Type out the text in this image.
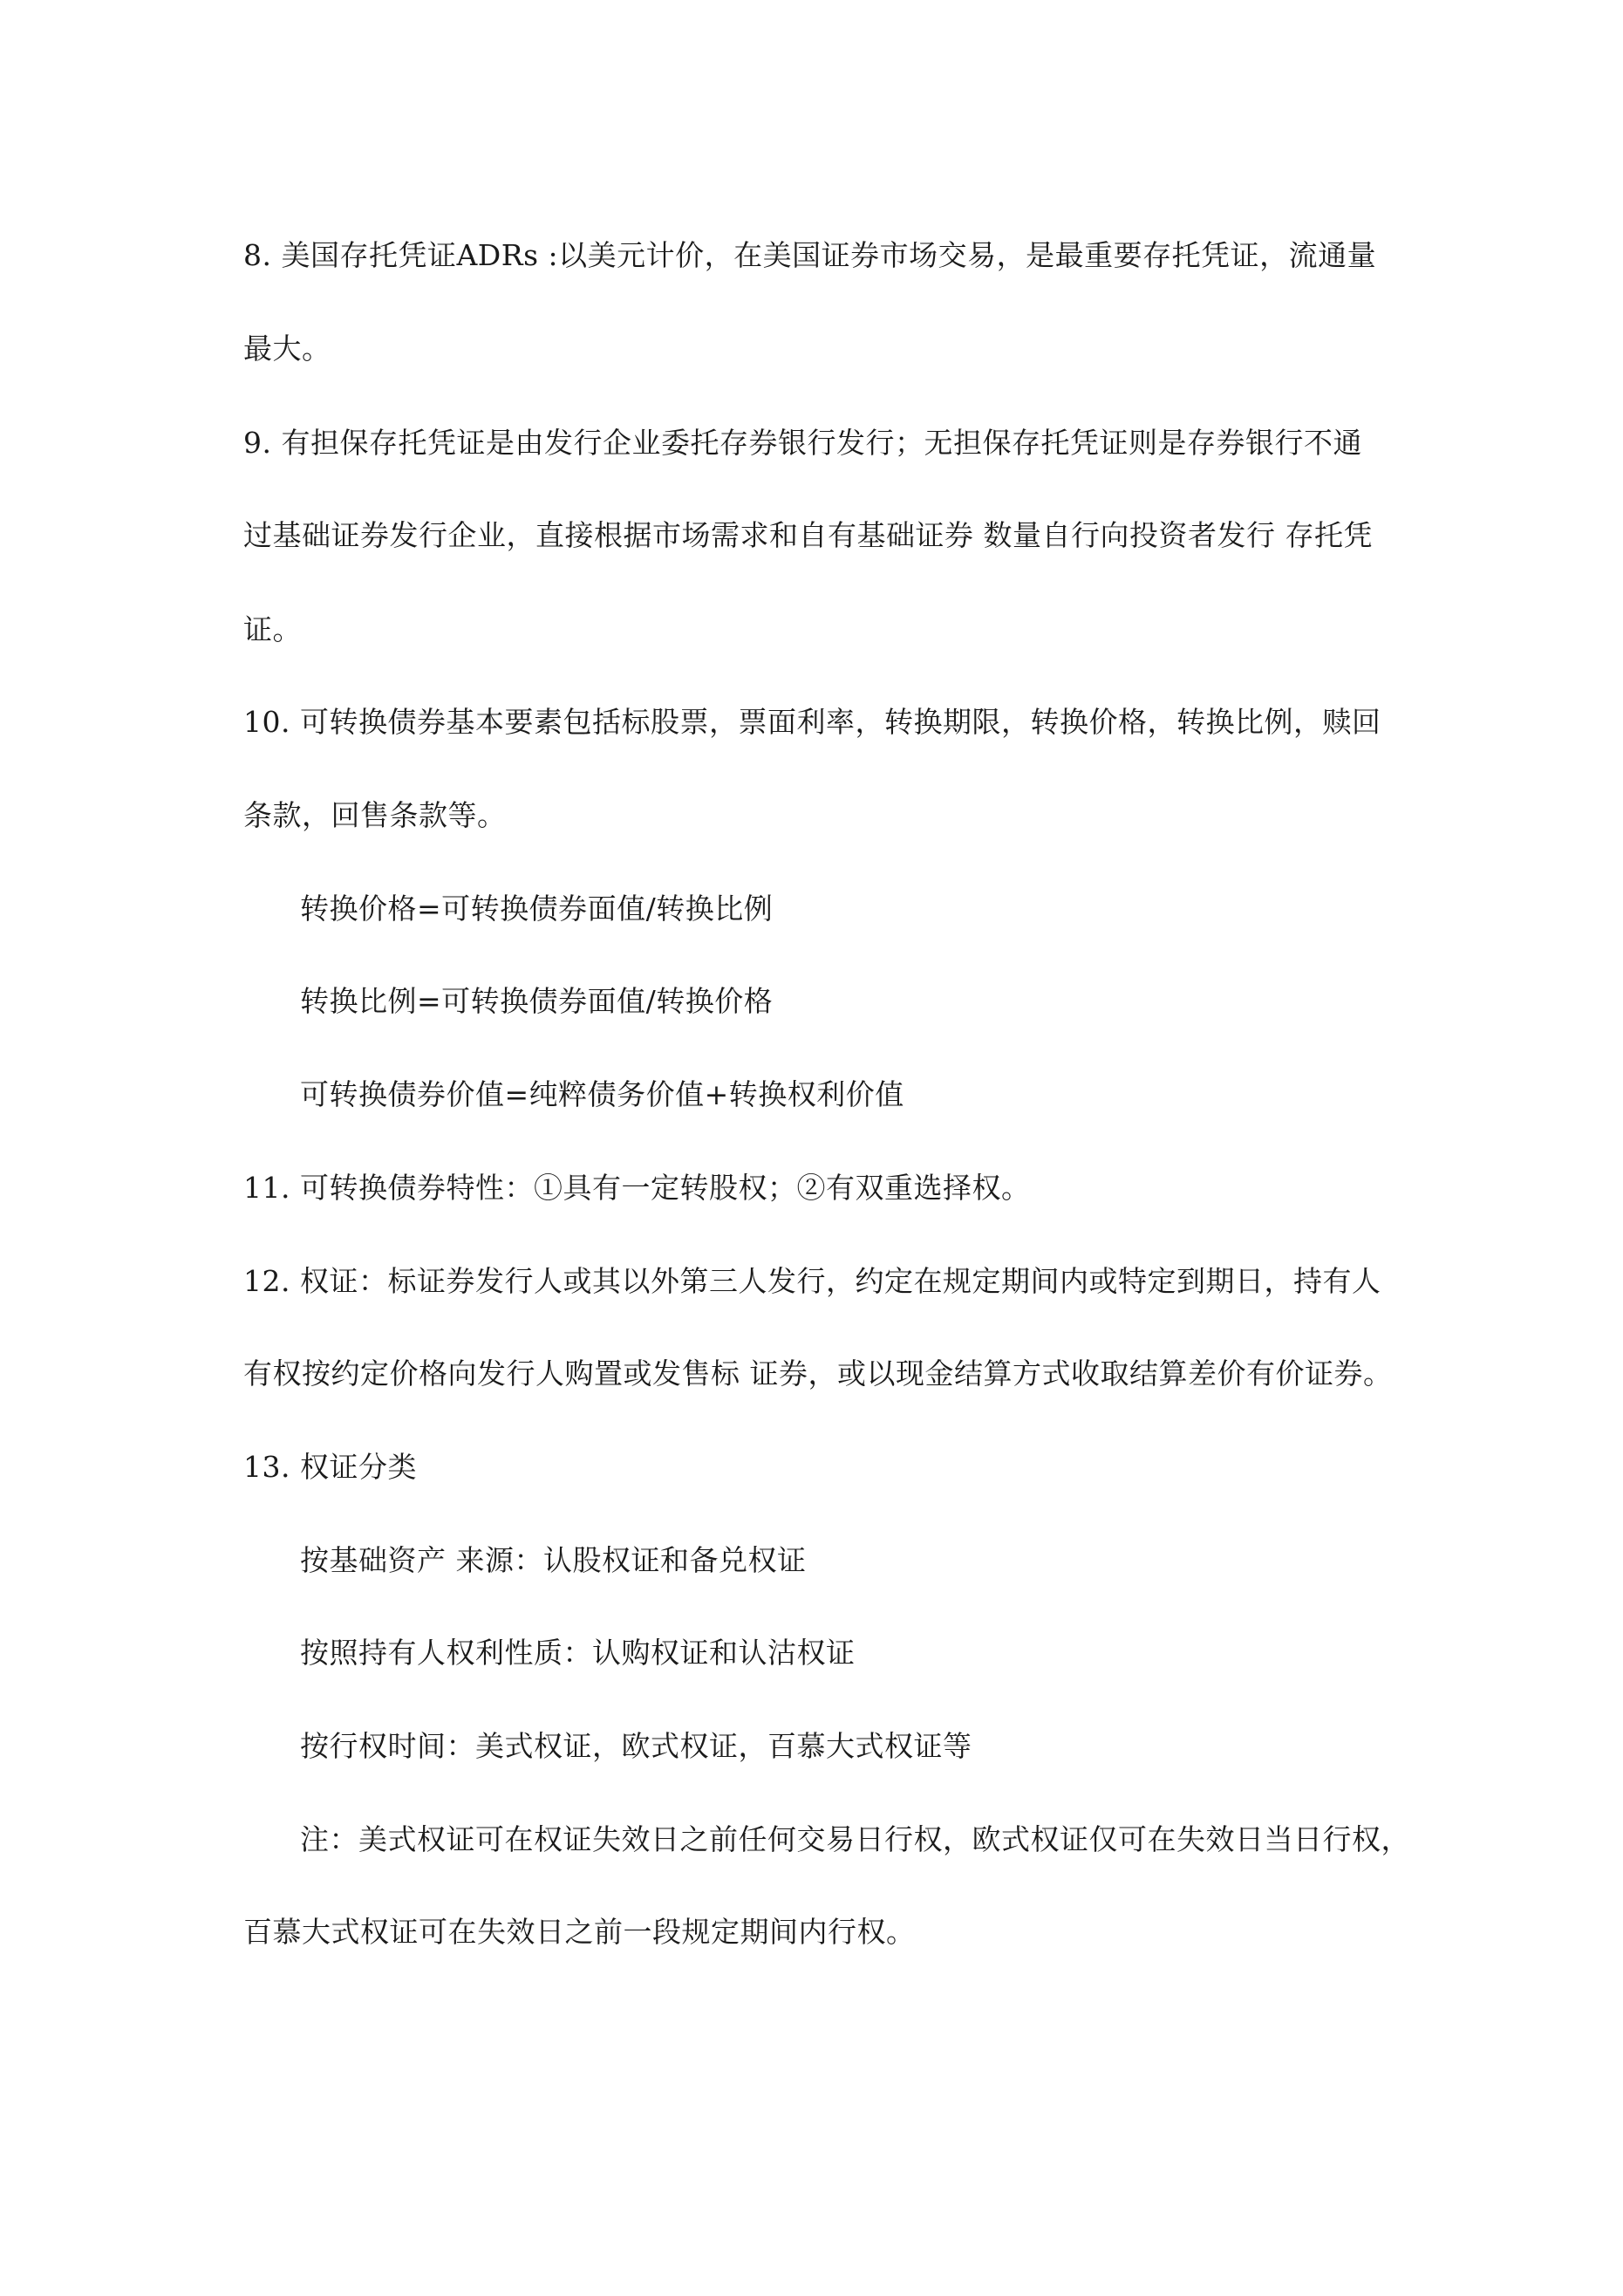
8. 美国存托凭证ADRs :以美元计价，在美国证券市场交易，是最重要存托凭证，流通量
最大。
9. 有担保存托凭证是由发行企业委托存券银行发行；无担保存托凭证则是存券银行不通
过基础证券发行企业，直接根据市场需求和自有基础证券 数量自行向投资者发行 存托凭
证。
10. 可转换债券基本要素包括标股票，票面利率，转换期限，转换价格，转换比例，赎回
条款，回售条款等。
转换价格=可转换债券面值/转换比例
转换比例=可转换债券面值/转换价格
可转换债券价值=纯粹债务价值+转换权利价值
11. 可转换债券特性：①具有一定转股权；②有双重选择权。
12. 权证：标证券发行人或其以外第三人发行，约定在规定期间内或特定到期日，持有人
有权按约定价格向发行人购置或发售标 证券，或以现金结算方式收取结算差价有价证券。
13. 权证分类
按基础资产 来源：认股权证和备兑权证
按照持有人权利性质：认购权证和认沽权证
按行权时间：美式权证，欧式权证，百慕大式权证等
注：美式权证可在权证失效日之前任何交易日行权，欧式权证仅可在失效日当日行权，
百慕大式权证可在失效日之前一段规定期间内行权。
